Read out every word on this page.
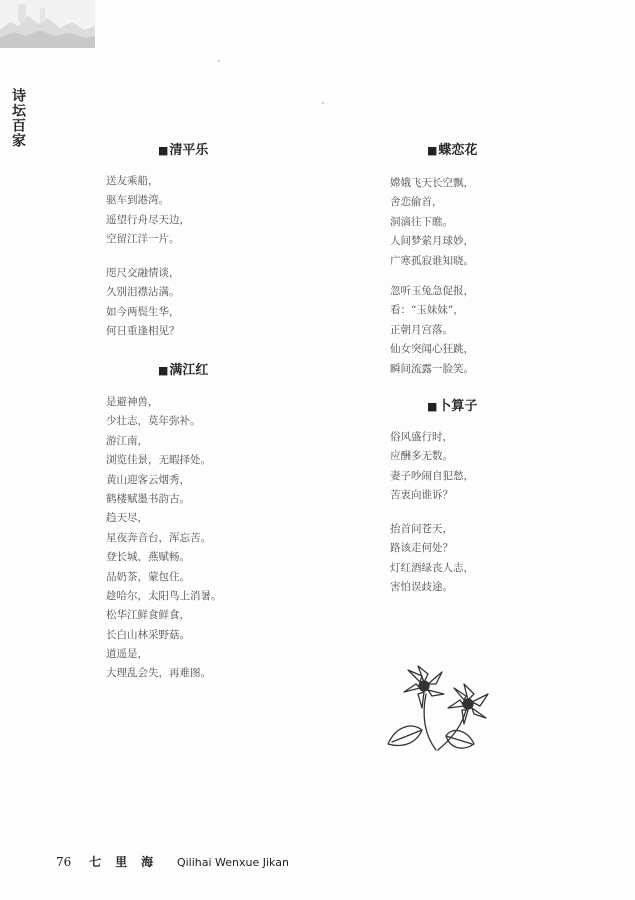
诗坛百家
■清平乐
送友乘船，
驱车到港湾。
遥望行舟尽天边，
空留江洋一片。
咫尺交融情谈，
久别泪襟沾满。
如今两鬓生华，
何日重逢相见？
■满江红
是避神兽，
少壮志，莫年弥补。
游江南，
浏览佳景，无暇择处。
黄山迎客云烟秀，
鹤楼赋墨书韵古。
趋天尽，
星夜奔音台，浑忘苦。
登长城，燕赋畅。
品奶茶，蒙包住。
趁哈尔，太阳鸟上消暑。
松华江鲜食鲜食，
长白山林采野菇。
道遥是，
大理乱会失，再难图。
■蝶恋花
嫦娥飞天长空飘，
舍恋偷首，
洞滴往下瞧。
人间梦萦月球妙，
广寒孤寂谁知晓。
忽听玉兔急促报，
看：“玉妹妹”，
正朝月宫落。
仙女突闻心狂跳，
瞬间流露一脸笑。
■卜算子
俗风盛行时，
应酬多无数。
妻子吵闹自犯愁，
苦衷向谁诉？
抬首问苍天，
路该走何处？
灯红酒绿丧人志，
害怕误歧途。
76 七里海 Qilihai Wenxue Jikan
